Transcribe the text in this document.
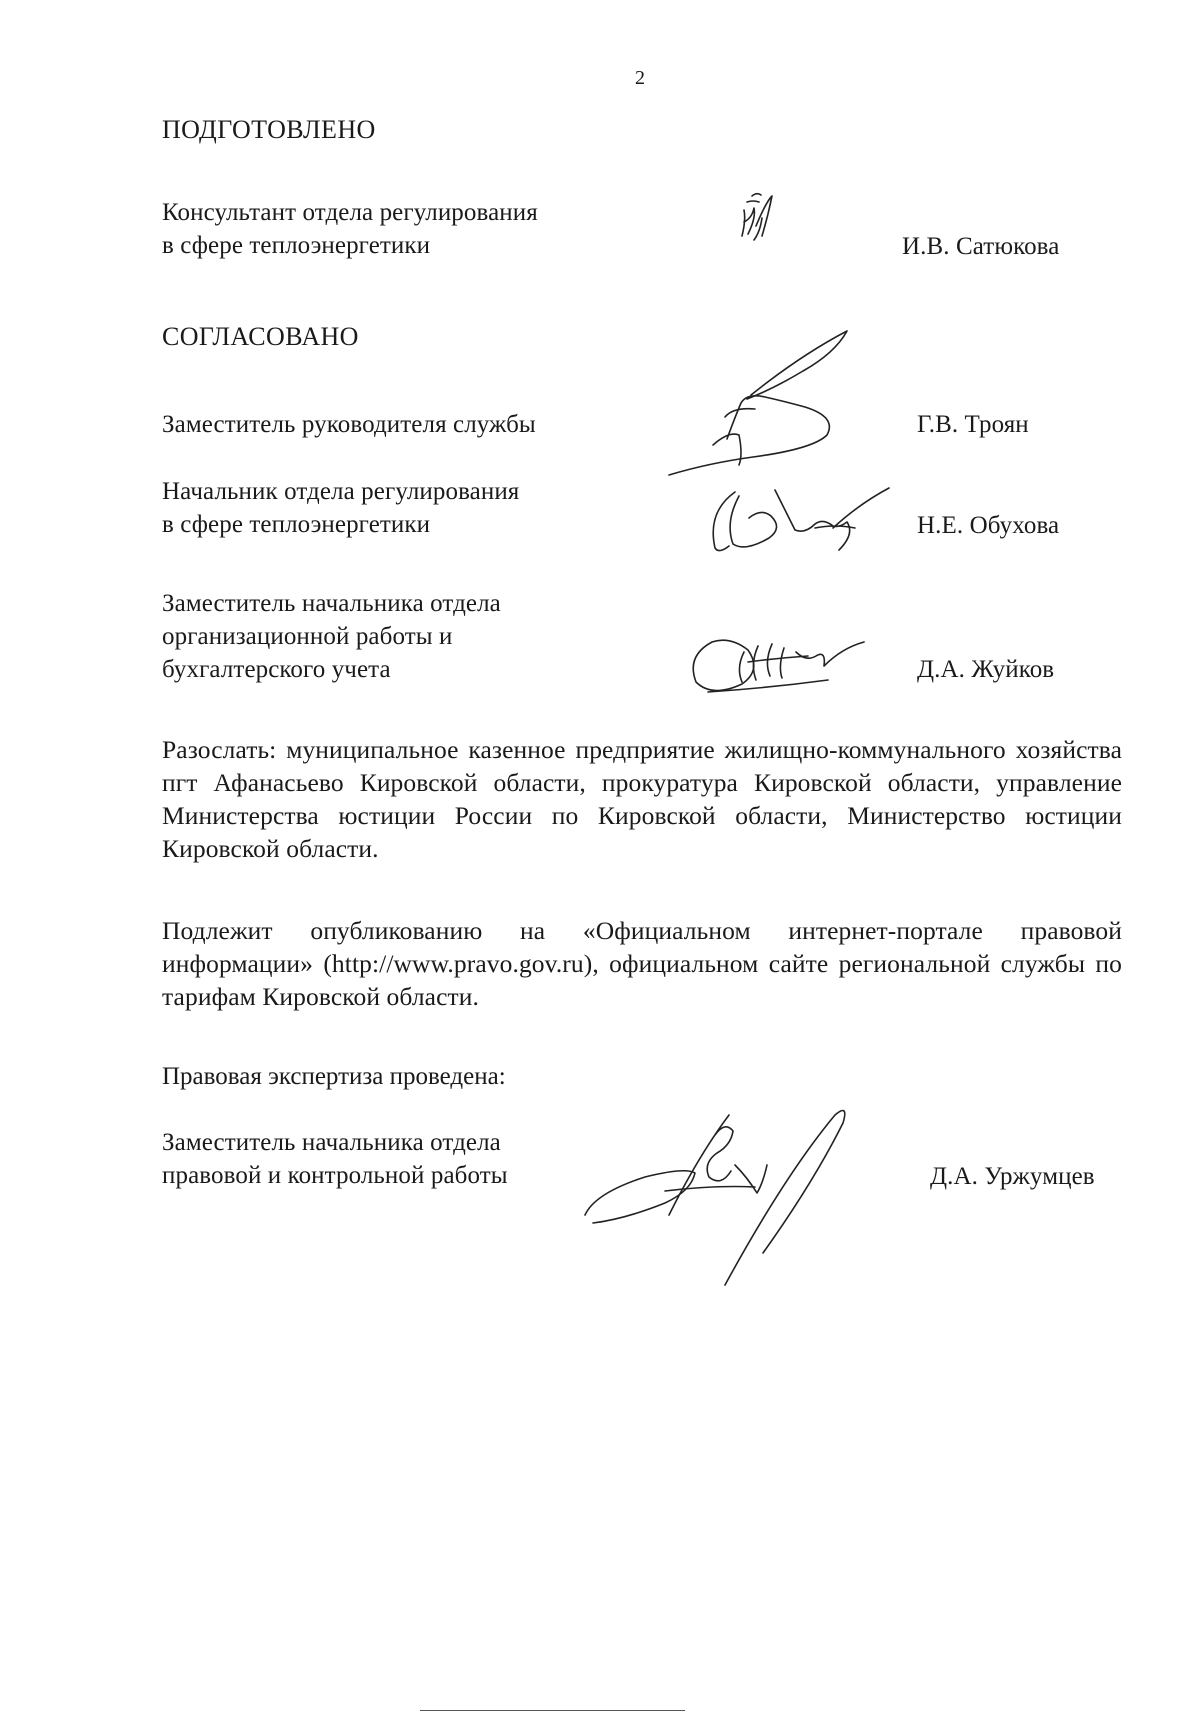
2
ПОДГОТОВЛЕНО
Консультант отдела регулирования
в сфере теплоэнергетики	И.В. Сатюкова
СОГЛАСОВАНО
Заместитель руководителя службы	Г.В. Троян
Начальник отдела регулирования
в сфере теплоэнергетики	Н.Е. Обухова
Заместитель начальника отдела
организационной работы и
бухгалтерского учета	Д.А. Жуйков
Разослать: муниципальное казенное предприятие жилищно-коммунального хозяйства пгт Афанасьево Кировской области, прокуратура Кировской области, управление Министерства юстиции России по Кировской области, Министерство юстиции Кировской области.
Подлежит опубликованию на «Официальном интернет-портале правовой информации» (http://www.pravo.gov.ru), официальном сайте региональной службы по тарифам Кировской области.
Правовая экспертиза проведена:
Заместитель начальника отдела
правовой и контрольной работы	Д.А. Уржумцев
